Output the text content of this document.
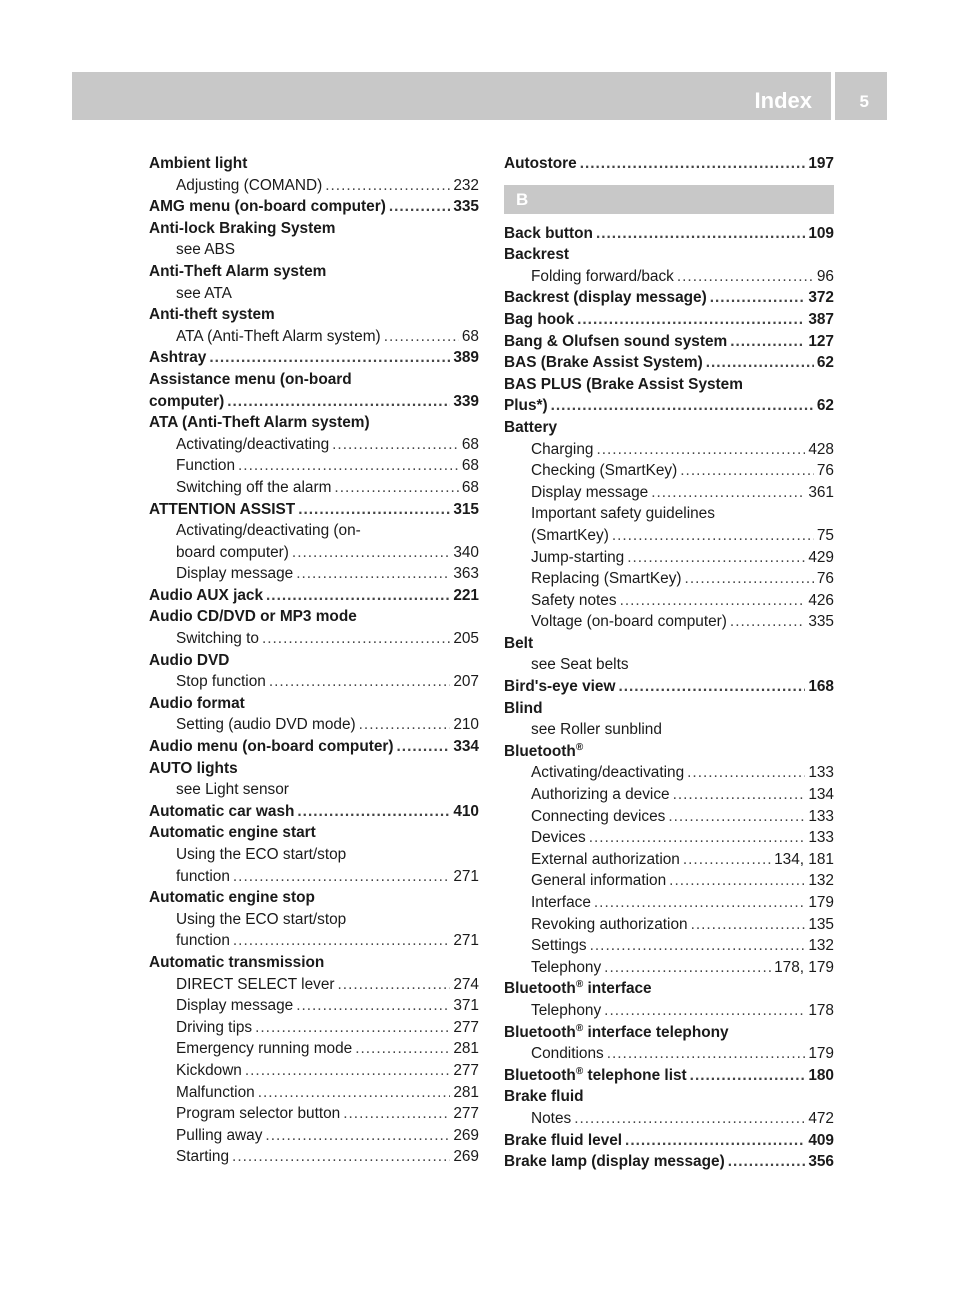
Index	5
Ambient light
Adjusting (COMAND) .....	232
AMG menu (on-board computer) .....	335
Anti-lock Braking System
see ABS
Anti-Theft Alarm system
see ATA
Anti-theft system
ATA (Anti-Theft Alarm system) .....	68
Ashtray .....	389
Assistance menu (on-board
computer) .....	339
ATA (Anti-Theft Alarm system)
Activating/deactivating .....	68
Function .....	68
Switching off the alarm .....	68
ATTENTION ASSIST .....	315
Activating/deactivating (on-
board computer) .....	340
Display message .....	363
Audio AUX jack .....	221
Audio CD/DVD or MP3 mode
Switching to .....	205
Audio DVD
Stop function .....	207
Audio format
Setting (audio DVD mode) .....	210
Audio menu (on-board computer) .....	334
AUTO lights
see Light sensor
Automatic car wash .....	410
Automatic engine start
Using the ECO start/stop
function .....	271
Automatic engine stop
Using the ECO start/stop
function .....	271
Automatic transmission
DIRECT SELECT lever .....	274
Display message .....	371
Driving tips .....	277
Emergency running mode .....	281
Kickdown .....	277
Malfunction .....	281
Program selector button .....	277
Pulling away .....	269
Starting .....	269
Autostore .....	197
B
Back button .....	109
Backrest
Folding forward/back .....	96
Backrest (display message) .....	372
Bag hook .....	387
Bang & Olufsen sound system .....	127
BAS (Brake Assist System) .....	62
BAS PLUS (Brake Assist System
Plus*) .....	62
Battery
Charging .....	428
Checking (SmartKey) .....	76
Display message .....	361
Important safety guidelines
(SmartKey) .....	75
Jump-starting .....	429
Replacing (SmartKey) .....	76
Safety notes .....	426
Voltage (on-board computer) .....	335
Belt
see Seat belts
Bird's-eye view .....	168
Blind
see Roller sunblind
Bluetooth®
Activating/deactivating .....	133
Authorizing a device .....	134
Connecting devices .....	133
Devices .....	133
External authorization .....	134, 181
General information .....	132
Interface .....	179
Revoking authorization .....	135
Settings .....	132
Telephony .....	178, 179
Bluetooth® interface
Telephony .....	178
Bluetooth® interface telephony
Conditions .....	179
Bluetooth® telephone list .....	180
Brake fluid
Notes .....	472
Brake fluid level .....	409
Brake lamp (display message) .....	356
